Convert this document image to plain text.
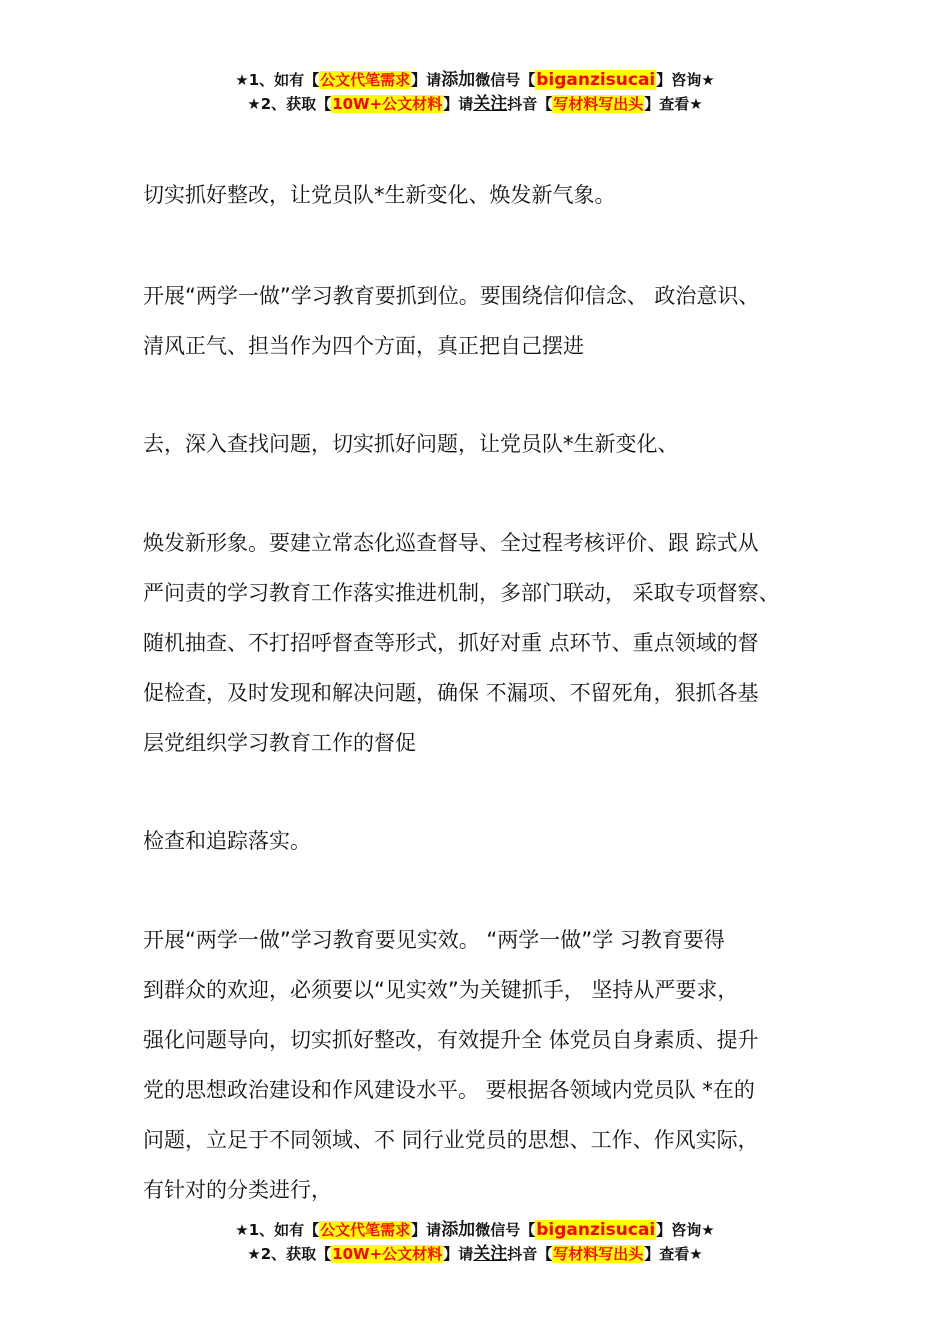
★1、如有【公文代笔需求】请添加微信号【biganzisucai】咨询★
★2、获取【10W+公文材料】请关注抖音【写材料写出头】查看★

切实抓好整改，让党员队*生新变化、焕发新气象。

开展“两学一做”学习教育要抓到位。要围绕信仰信念、 政治意识、
清风正气、担当作为四个方面，真正把自己摆进

去，深入查找问题，切实抓好问题，让党员队*生新变化、

焕发新形象。要建立常态化巡查督导、全过程考核评价、跟 踪式从
严问责的学习教育工作落实推进机制，多部门联动， 采取专项督察、
随机抽查、不打招呼督查等形式，抓好对重 点环节、重点领域的督
促检查，及时发现和解决问题，确保 不漏项、不留死角，狠抓各基
层党组织学习教育工作的督促

检查和追踪落实。

开展“两学一做”学习教育要见实效。 “两学一做”学 习教育要得
到群众的欢迎，必须要以“见实效”为关键抓手， 坚持从严要求，
强化问题导向，切实抓好整改，有效提升全 体党员自身素质、提升
党的思想政治建设和作风建设水平。 要根据各领域内党员队 *在的
问题，立足于不同领域、不 同行业党员的思想、工作、作风实际，
有针对的分类进行，

★1、如有【公文代笔需求】请添加微信号【biganzisucai】咨询★
★2、获取【10W+公文材料】请关注抖音【写材料写出头】查看★
